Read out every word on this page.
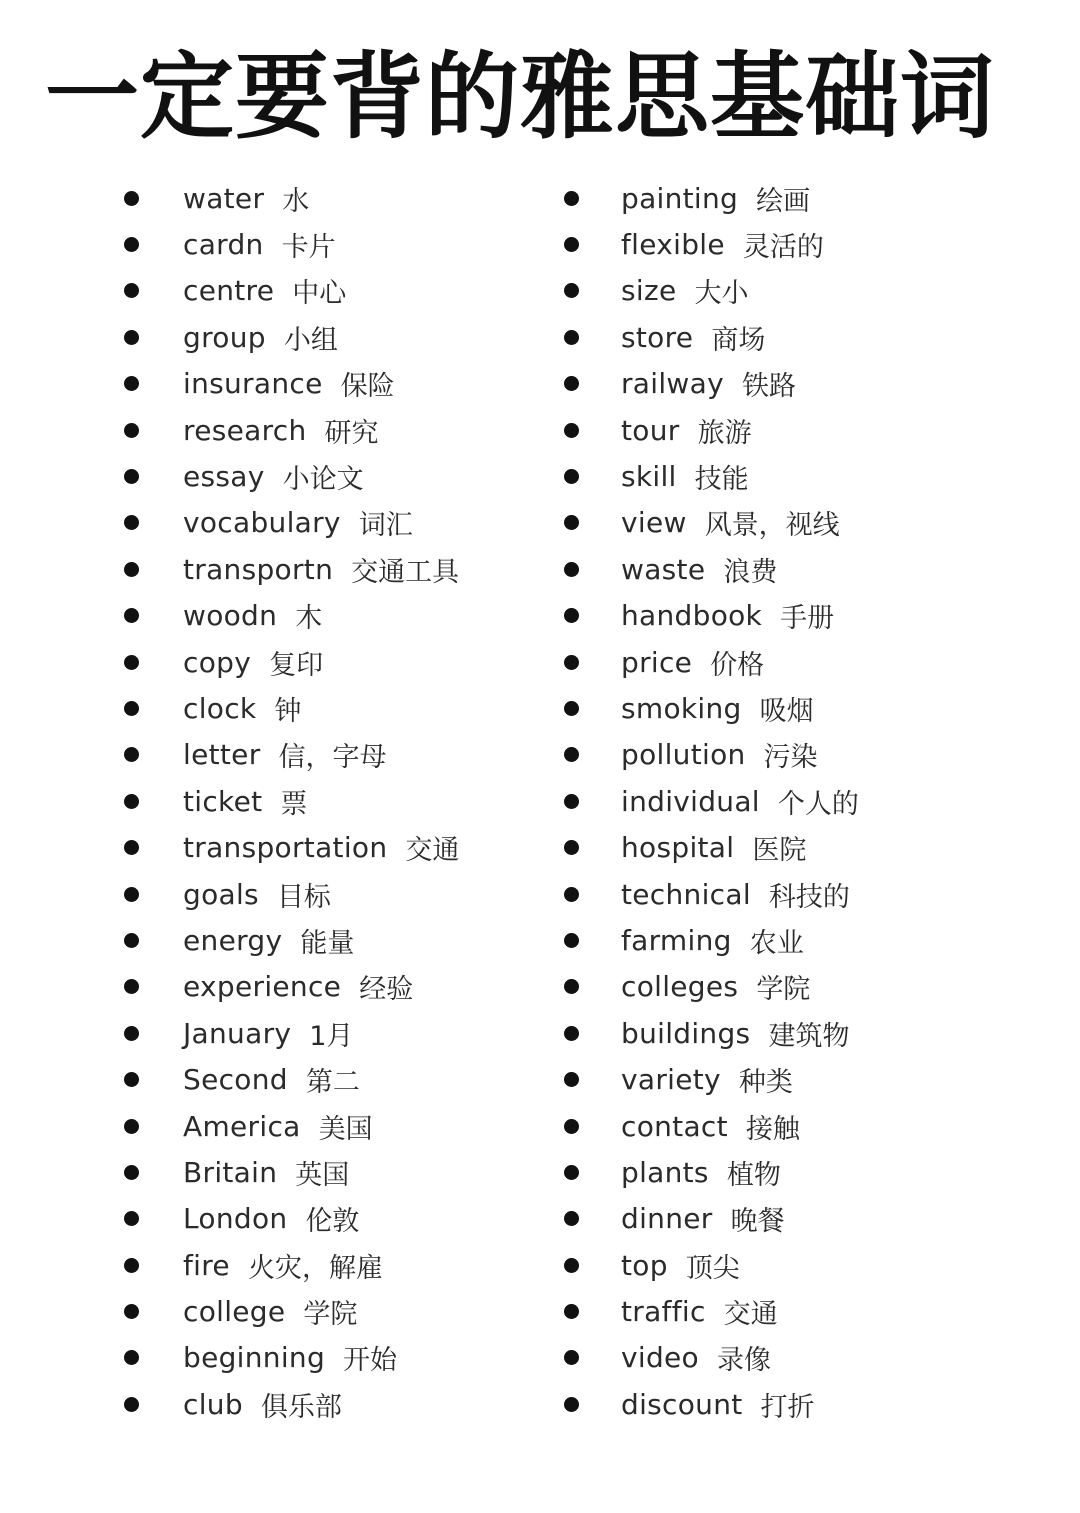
一定要背的雅思基础词
water 水
cardn 卡片
centre 中心
group 小组
insurance 保险
research 研究
essay 小论文
vocabulary 词汇
transportn 交通工具
woodn 木
copy 复印
clock 钟
letter 信，字母
ticket 票
transportation 交通
goals 目标
energy 能量
experience 经验
January 1月
Second 第二
America 美国
Britain 英国
London 伦敦
fire 火灾，解雇
college 学院
beginning 开始
club 俱乐部
painting 绘画
flexible 灵活的
size 大小
store 商场
railway 铁路
tour 旅游
skill 技能
view 风景，视线
waste 浪费
handbook 手册
price 价格
smoking 吸烟
pollution 污染
individual 个人的
hospital 医院
technical 科技的
farming 农业
colleges 学院
buildings 建筑物
variety 种类
contact 接触
plants 植物
dinner 晚餐
top 顶尖
traffic 交通
video 录像
discount 打折
